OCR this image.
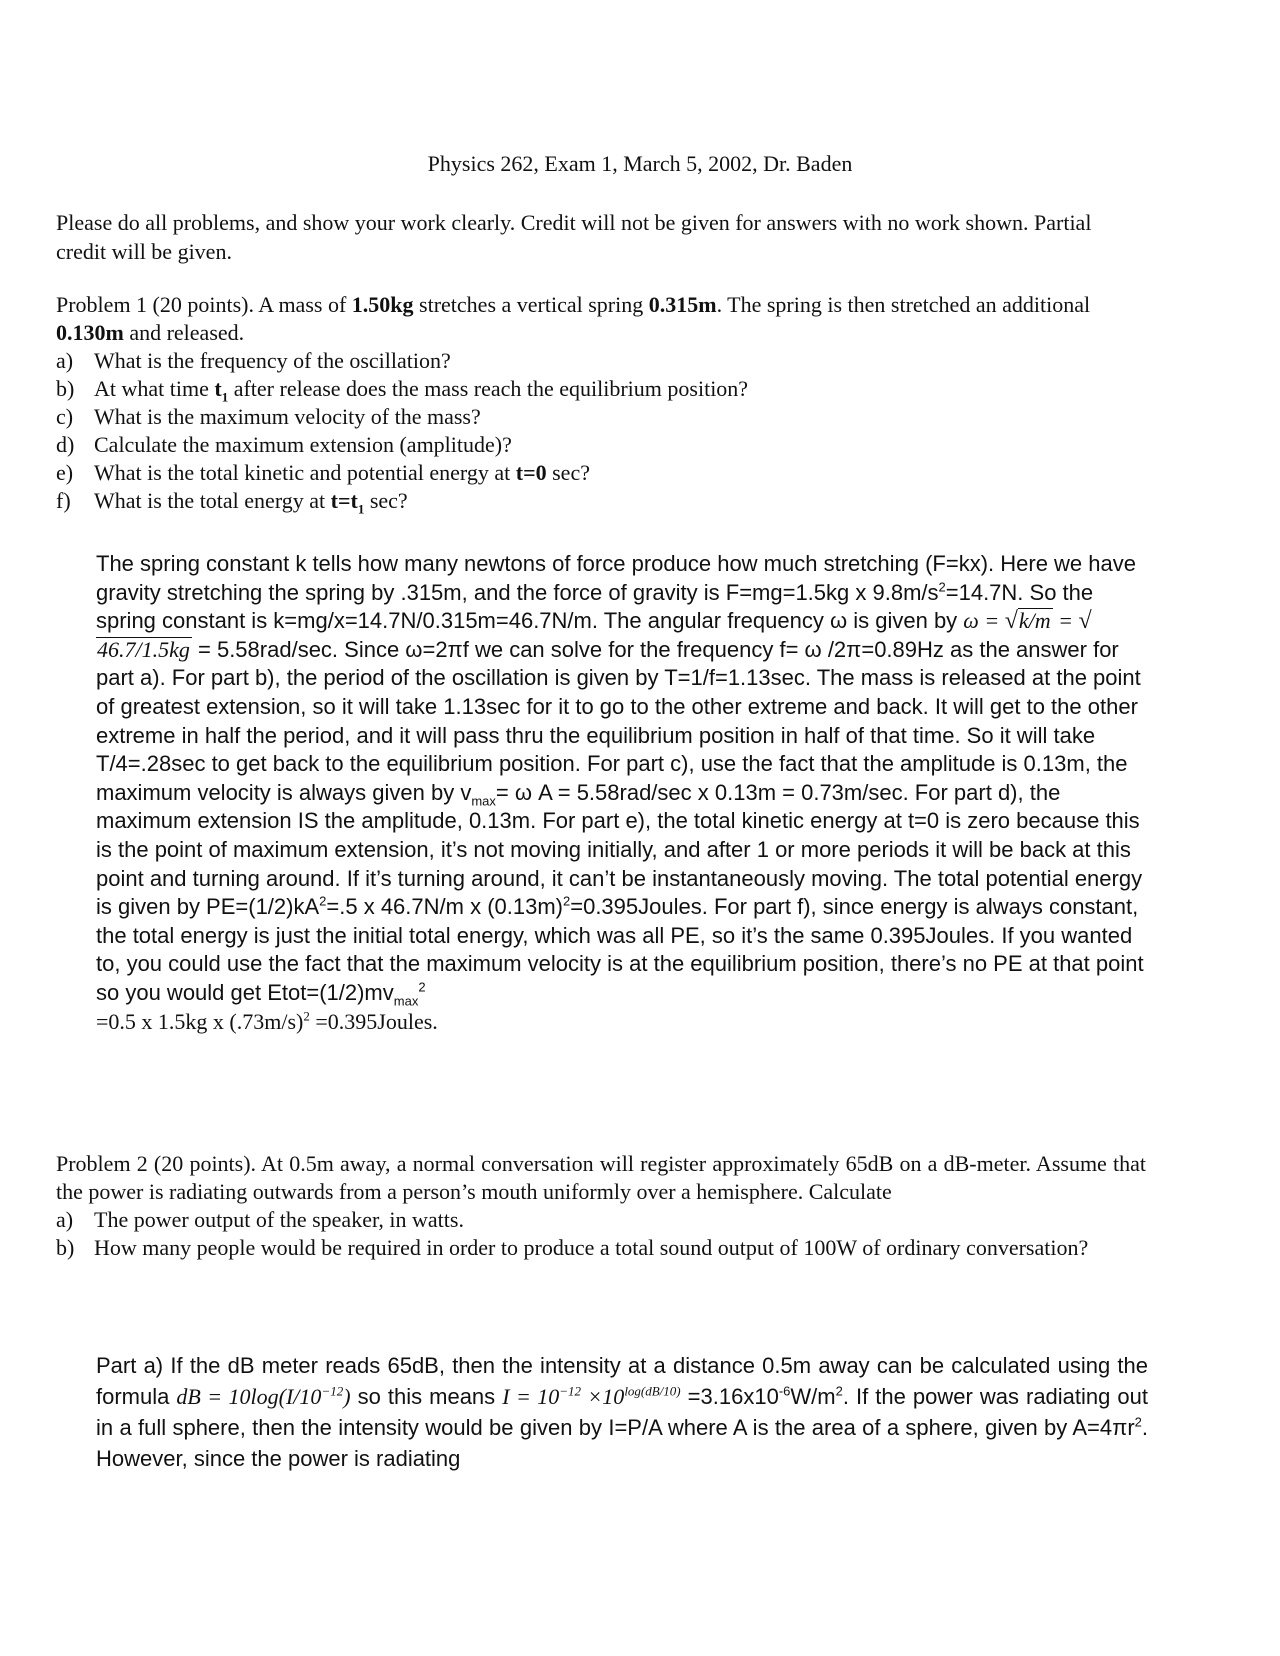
Physics 262, Exam 1, March 5, 2002, Dr. Baden
Please do all problems, and show your work clearly. Credit will not be given for answers with no work shown. Partial credit will be given.
Problem 1 (20 points). A mass of 1.50kg stretches a vertical spring 0.315m. The spring is then stretched an additional 0.130m and released.
a) What is the frequency of the oscillation?
b) At what time $t_1$ after release does the mass reach the equilibrium position?
c) What is the maximum velocity of the mass?
d) Calculate the maximum extension (amplitude)?
e) What is the total kinetic and potential energy at t=0 sec?
f) What is the total energy at $t=t_1$ sec?
The spring constant k tells how many newtons of force produce how much stretching (F=kx). Here we have gravity stretching the spring by .315m, and the force of gravity is F=mg=1.5kg x $9.8m/s^2=14.7N$. So the spring constant is k=mg/x=14.7N/0.315m=46.7N/m. The angular frequency ω is given by ω = √k/m = √46.7/1.5kg = 5.58rad/sec. Since ω=2πf we can solve for the frequency f= ω /2π=0.89Hz as the answer for part a). For part b), the period of the oscillation is given by T=1/f=1.13sec. The mass is released at the point of greatest extension, so it will take 1.13sec for it to go to the other extreme and back. It will get to the other extreme in half the period, and it will pass thru the equilibrium position in half of that time. So it will take T/4=.28sec to get back to the equilibrium position. For part c), use the fact that the amplitude is 0.13m, the maximum velocity is always given by $v_{max}= \omega$ A = 5.58rad/sec x 0.13m = 0.73m/sec. For part d), the maximum extension IS the amplitude, 0.13m. For part e), the total kinetic energy at t=0 is zero because this is the point of maximum extension, it’s not moving initially, and after 1 or more periods it will be back at this point and turning around. If it’s turning around, it can’t be instantaneously moving. The total potential energy is given by $PE=(1/2)kA^2=.5$ x 46.7N/m x $(0.13m)^2=0.395Joules$. For part f), since energy is always constant, the total energy is just the initial total energy, which was all PE, so it’s the same 0.395Joules. If you wanted to, you could use the fact that the maximum velocity is at the equilibrium position, there’s no PE at that point so you would get $Etot=(1/2)mv_{max}^2$
=0.5 x 1.5kg x $(.73m/s)^2$ =0.395Joules.
Problem 2 (20 points). At 0.5m away, a normal conversation will register approximately 65dB on a dB-meter. Assume that the power is radiating outwards from a person’s mouth uniformly over a hemisphere. Calculate
a) The power output of the speaker, in watts.
b) How many people would be required in order to produce a total sound output of 100W of ordinary conversation?
Part a) If the dB meter reads 65dB, then the intensity at a distance 0.5m away can be calculated using the formula dB = $10\log(I/10^{-12})$ so this means $I = 10^{-12} \times 10^{log(dB/10)} =3.16x10^{-6}W/m^2$. If the power was radiating out in a full sphere, then the intensity would be given by I=P/A where A is the area of a sphere, given by $A=4\pi r^2$. However, since the power is radiating
